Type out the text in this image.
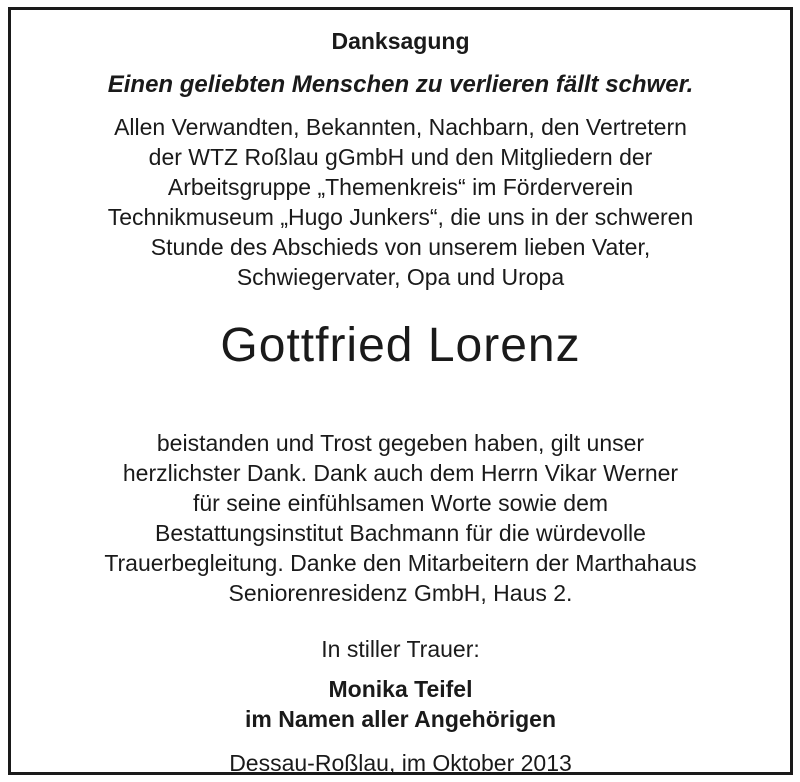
Danksagung
Einen geliebten Menschen zu verlieren fällt schwer.
Allen Verwandten, Bekannten, Nachbarn, den Vertretern
der WTZ Roßlau gGmbH und den Mitgliedern der
Arbeitsgruppe „Themenkreis“ im Förderverein
Technikmuseum „Hugo Junkers“, die uns in der schweren
Stunde des Abschieds von unserem lieben Vater,
Schwiegervater, Opa und Uropa
Gottfried Lorenz
beistanden und Trost gegeben haben, gilt unser
herzlichster Dank. Dank auch dem Herrn Vikar Werner
für seine einfühlsamen Worte sowie dem
Bestattungsinstitut Bachmann für die würdevolle
Trauerbegleitung. Danke den Mitarbeitern der Marthahaus
Seniorenresidenz GmbH, Haus 2.
In stiller Trauer:
Monika Teifel
im Namen aller Angehörigen
Dessau-Roßlau, im Oktober 2013
